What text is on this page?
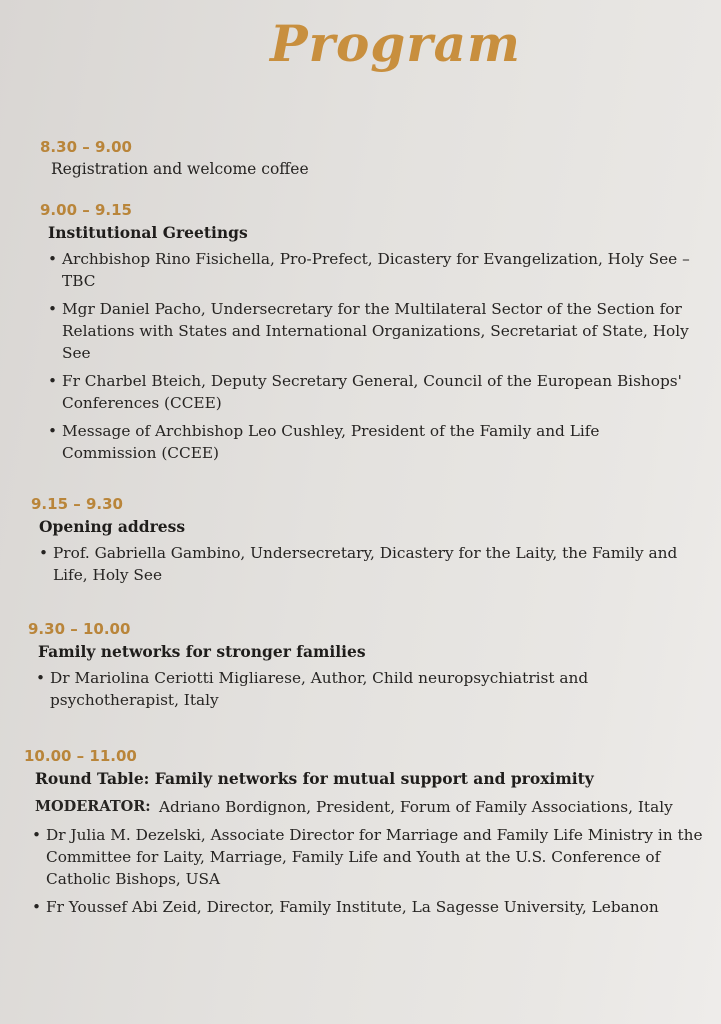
Program
8.30 – 9.00
Registration and welcome coffee
9.00 – 9.15
Institutional Greetings
• Archbishop Rino Fisichella, Pro-Prefect, Dicastery for Evangelization, Holy See – TBC
• Mgr Daniel Pacho, Undersecretary for the Multilateral Sector of the Section for Relations with States and International Organizations, Secretariat of State, Holy See
• Fr Charbel Bteich, Deputy Secretary General, Council of the European Bishops' Conferences (CCEE)
• Message of Archbishop Leo Cushley, President of the Family and Life Commission (CCEE)
9.15 – 9.30
Opening address
• Prof. Gabriella Gambino, Undersecretary, Dicastery for the Laity, the Family and Life, Holy See
9.30 – 10.00
Family networks for stronger families
• Dr Mariolina Ceriotti Migliarese, Author, Child neuropsychiatrist and psychotherapist, Italy
10.00 – 11.00
Round Table: Family networks for mutual support and proximity
MODERATOR: Adriano Bordignon, President, Forum of Family Associations, Italy
• Dr Julia M. Dezelski, Associate Director for Marriage and Family Life Ministry in the Committee for Laity, Marriage, Family Life and Youth at the U.S. Conference of Catholic Bishops, USA
• Fr Youssef Abi Zeid, Director, Family Institute, La Sagesse University, Lebanon
